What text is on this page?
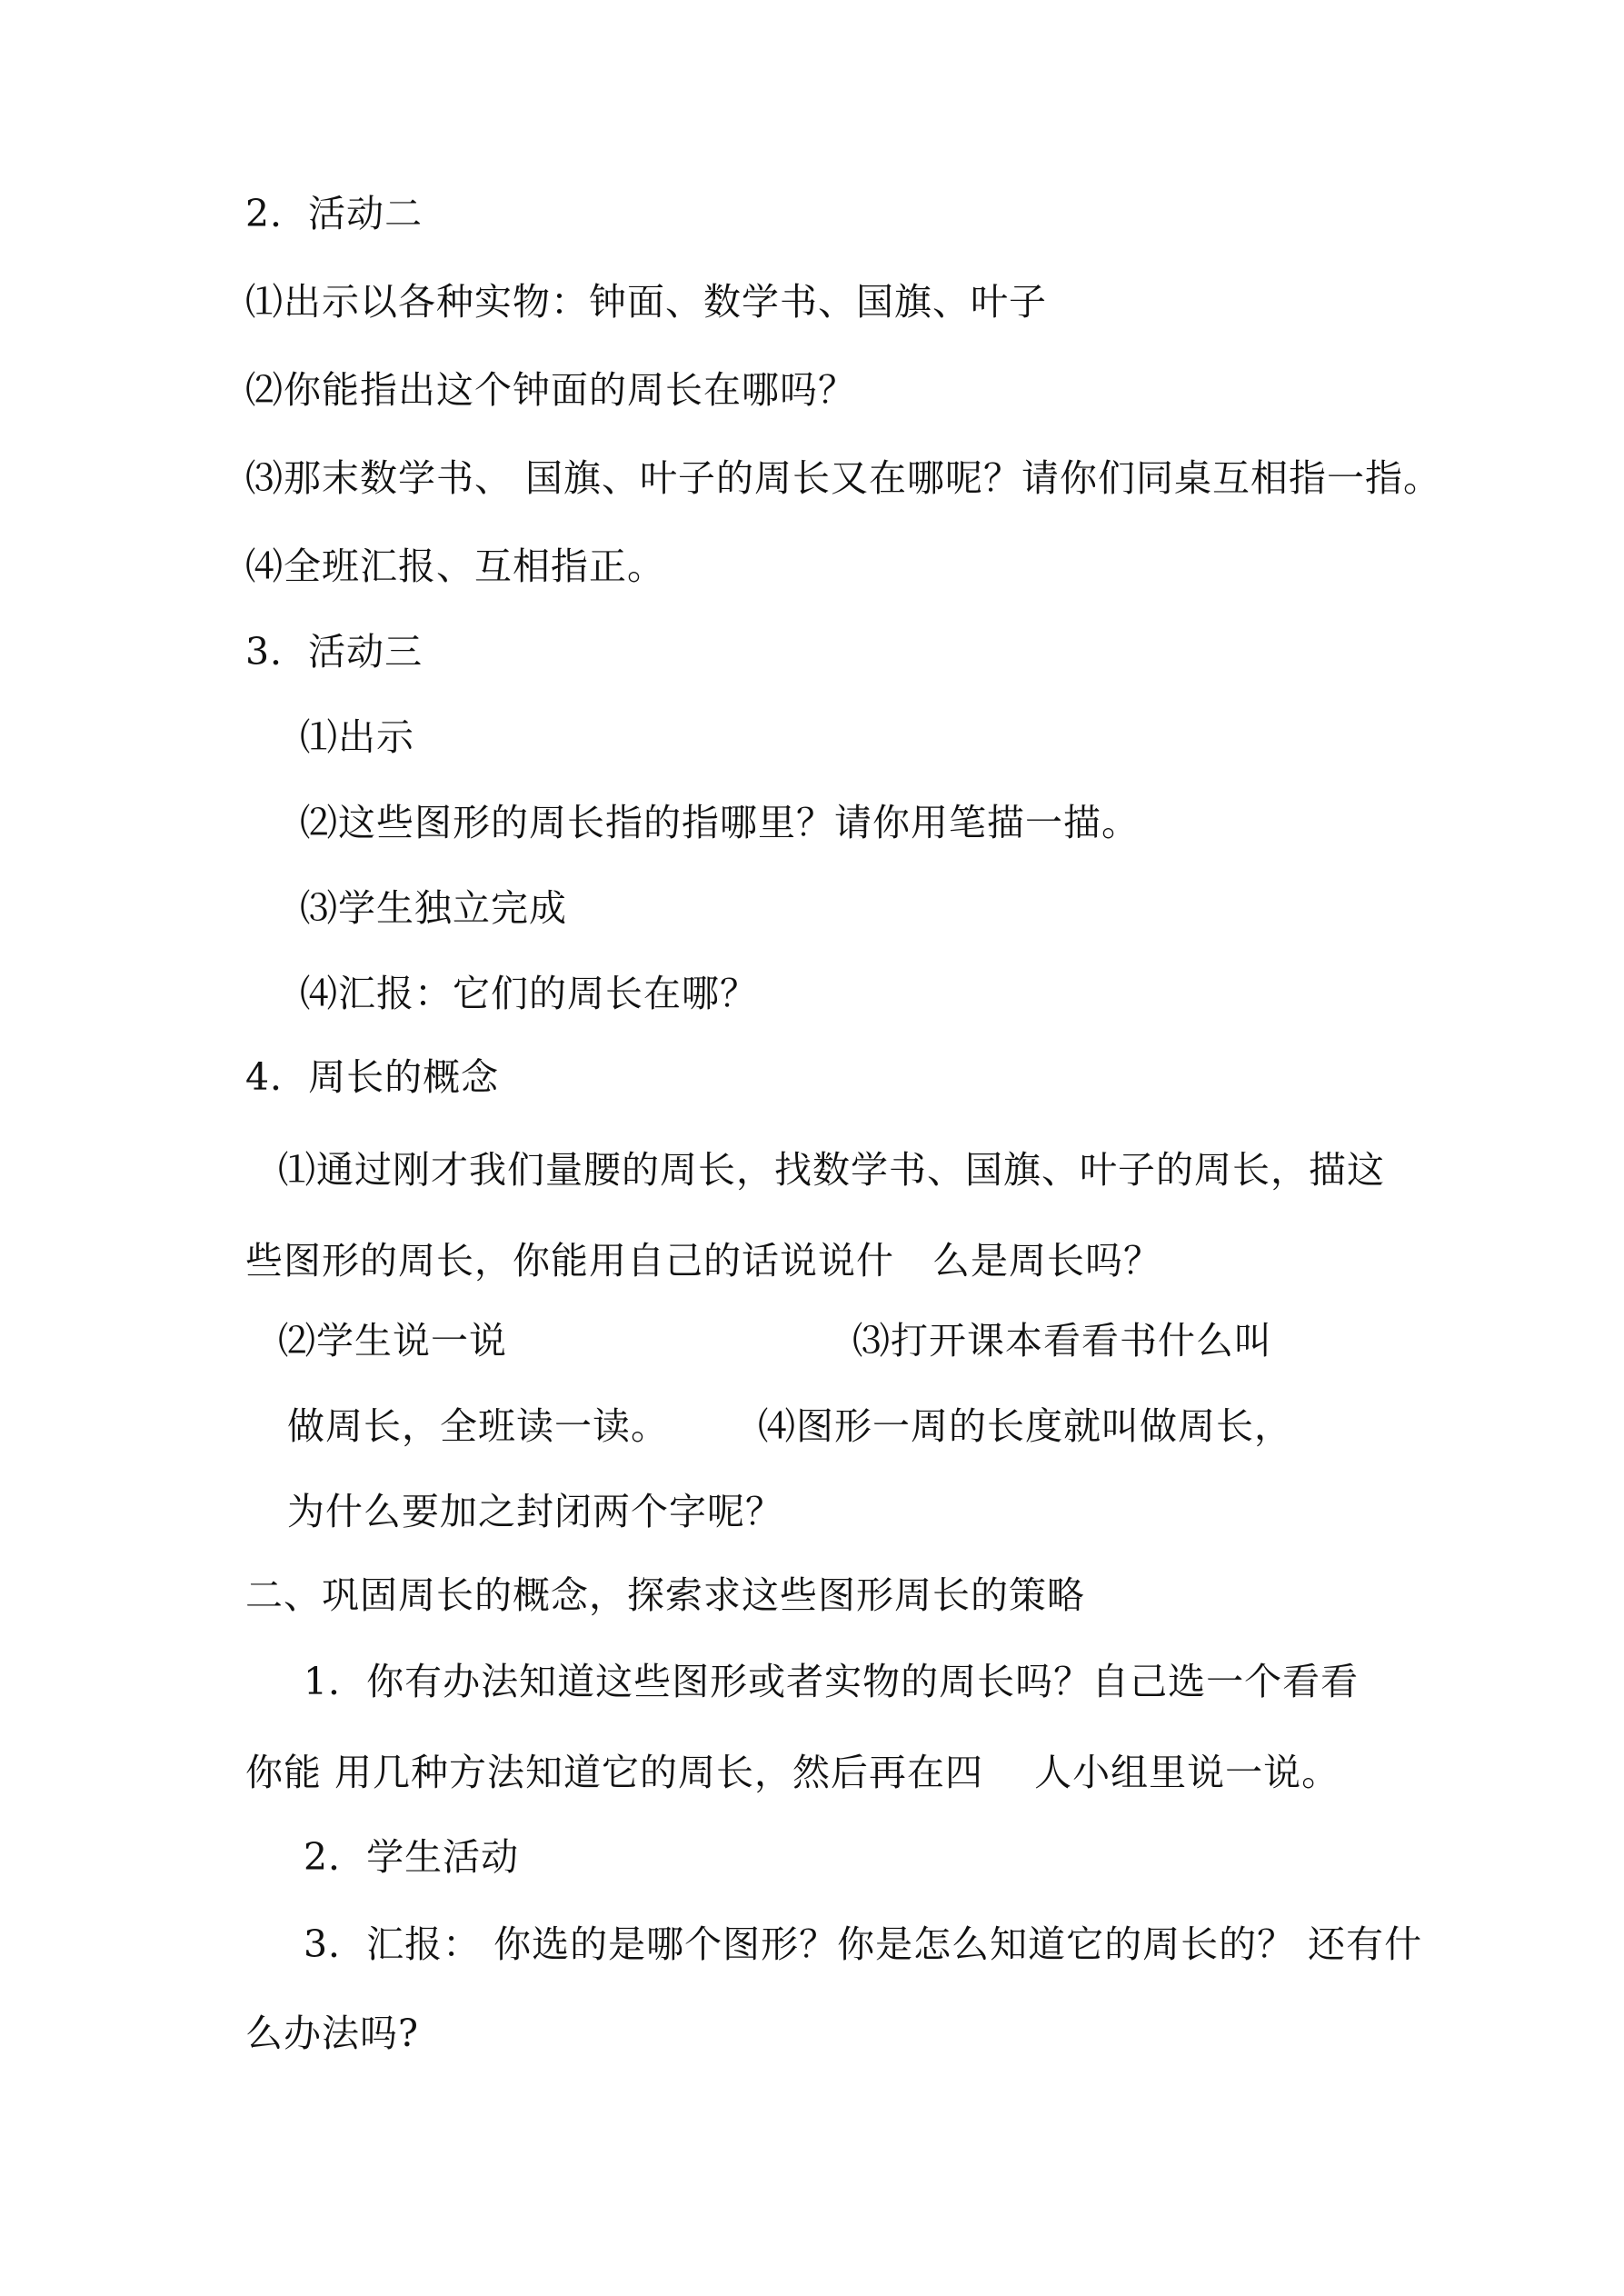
2．活动二
⑴出示以各种实物：钟面、数学书、国旗、叶子
⑵你能指出这个钟面的周长在哪吗？
⑶那末数学书、 国旗、叶子的周长又在哪呢？请你们同桌互相指一指。
⑷全班汇报、互相指正。
3．活动三
⑴出示
⑵这些图形的周长指的指哪里？请你用笔描一描。
⑶学生独立完成
⑷汇报：它们的周长在哪？
4．周长的概念
⑴通过刚才我们量腰的周长，找数学书、国旗、叶子的周长，描这
些图形的周长，你能用自己的话说说什　么是周长吗？
⑵学生说一说	⑶打开课本看看书什么叫
做周长，全班读一读。 ⑷图形一周的长度就叫做周长，
为什么要加之封闭两个字呢？
二、巩固周长的概念，探索求这些图形周长的策略
1．你有办法知道这些图形或者实物的周长吗？自己选一个看看
你能 用几种方法知道它的周长，然后再在四　 人小组里说一说。
2．学生活动
3．汇报： 你选的是哪个图形？你是怎么知道它的周长的？ 还有什
么办法吗?
